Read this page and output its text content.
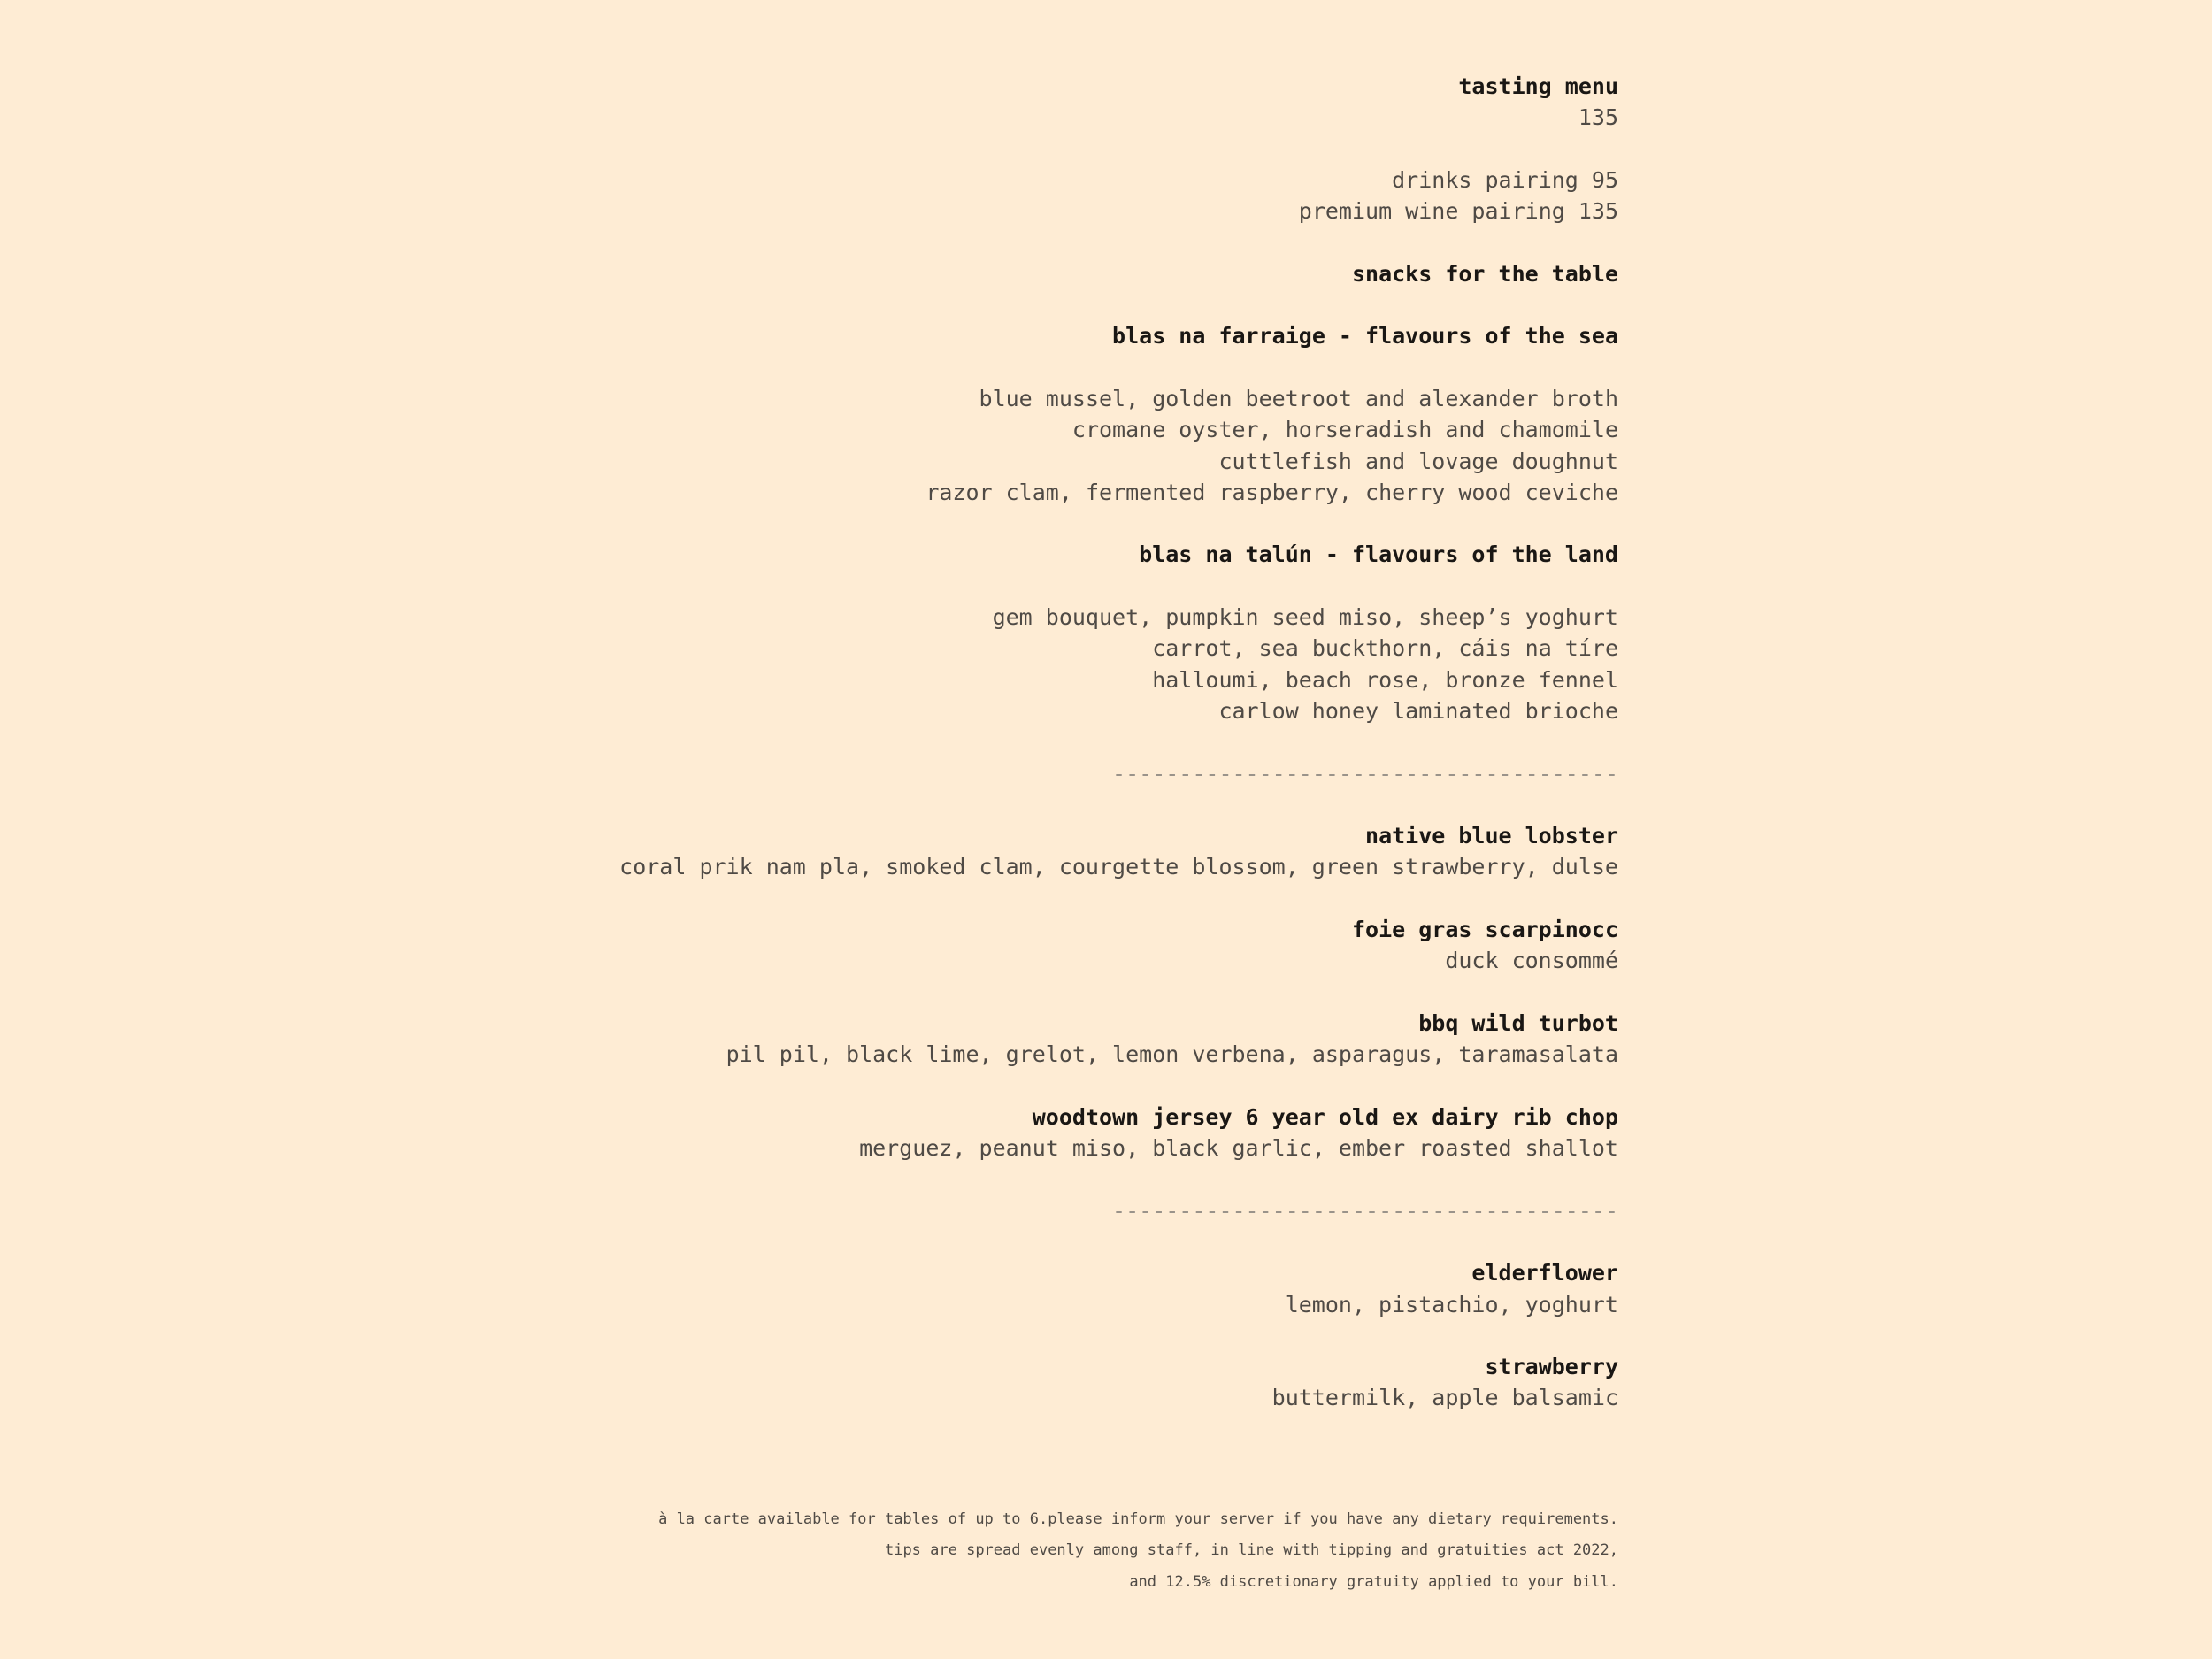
tasting menu
135
drinks pairing 95
premium wine pairing 135
snacks for the table
blas na farraige - flavours of the sea
blue mussel, golden beetroot and alexander broth
cromane oyster, horseradish and chamomile
cuttlefish and lovage doughnut
razor clam, fermented raspberry, cherry wood ceviche
blas na talún - flavours of the land
gem bouquet, pumpkin seed miso, sheep’s yoghurt
carrot, sea buckthorn, cáis na tíre
halloumi, beach rose, bronze fennel
carlow honey laminated brioche
--------------------------------------
native blue lobster
coral prik nam pla, smoked clam, courgette blossom, green strawberry, dulse
foie gras scarpinocc
duck consommé
bbq wild turbot
pil pil, black lime, grelot, lemon verbena, asparagus, taramasalata
woodtown jersey 6 year old ex dairy rib chop
merguez, peanut miso, black garlic, ember roasted shallot
--------------------------------------
elderflower
lemon, pistachio, yoghurt
strawberry
buttermilk, apple balsamic
à la carte available for tables of up to 6.please inform your server if you have any dietary requirements.
tips are spread evenly among staff, in line with tipping and gratuities act 2022,
and 12.5% discretionary gratuity applied to your bill.
